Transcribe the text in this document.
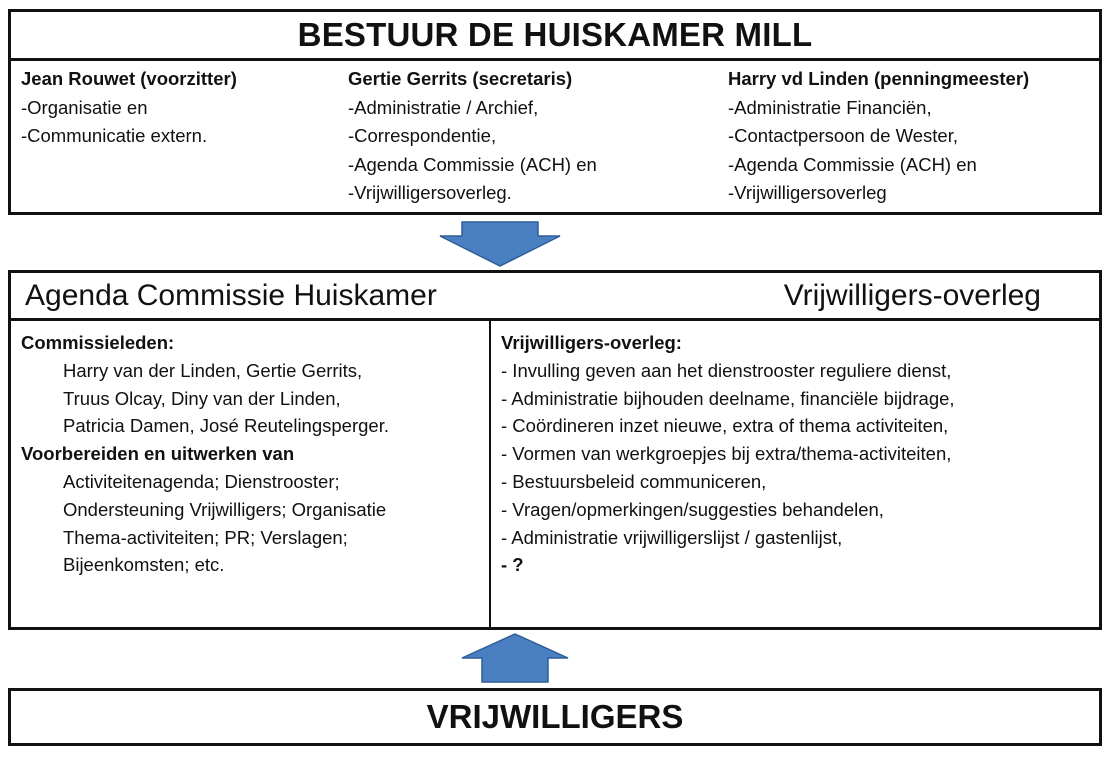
BESTUUR DE HUISKAMER MILL
Jean Rouwet (voorzitter)
-Organisatie en
-Communicatie extern.
Gertie Gerrits (secretaris)
-Administratie / Archief,
-Correspondentie,
-Agenda Commissie (ACH) en
-Vrijwilligersoverleg.
Harry vd Linden (penningmeester)
-Administratie Financiën,
-Contactpersoon de Wester,
-Agenda Commissie (ACH) en
-Vrijwilligersoverleg
Agenda Commissie Huiskamer	Vrijwilligers-overleg
Commissieleden:
Harry van der Linden, Gertie Gerrits,
Truus Olcay, Diny van der Linden,
Patricia Damen, José Reutelingsperger.
Voorbereiden en uitwerken van
Activiteitenagenda; Dienstrooster;
Ondersteuning Vrijwilligers; Organisatie
Thema-activiteiten; PR; Verslagen;
Bijeenkomsten; etc.
Vrijwilligers-overleg:
- Invulling geven aan het dienstrooster reguliere dienst,
- Administratie bijhouden deelname, financiële bijdrage,
- Coördineren inzet nieuwe, extra of thema activiteiten,
- Vormen van werkgroepjes bij extra/thema-activiteiten,
- Bestuursbeleid communiceren,
- Vragen/opmerkingen/suggesties behandelen,
- Administratie vrijwilligerslijst / gastenlijst,
- ?
VRIJWILLIGERS
